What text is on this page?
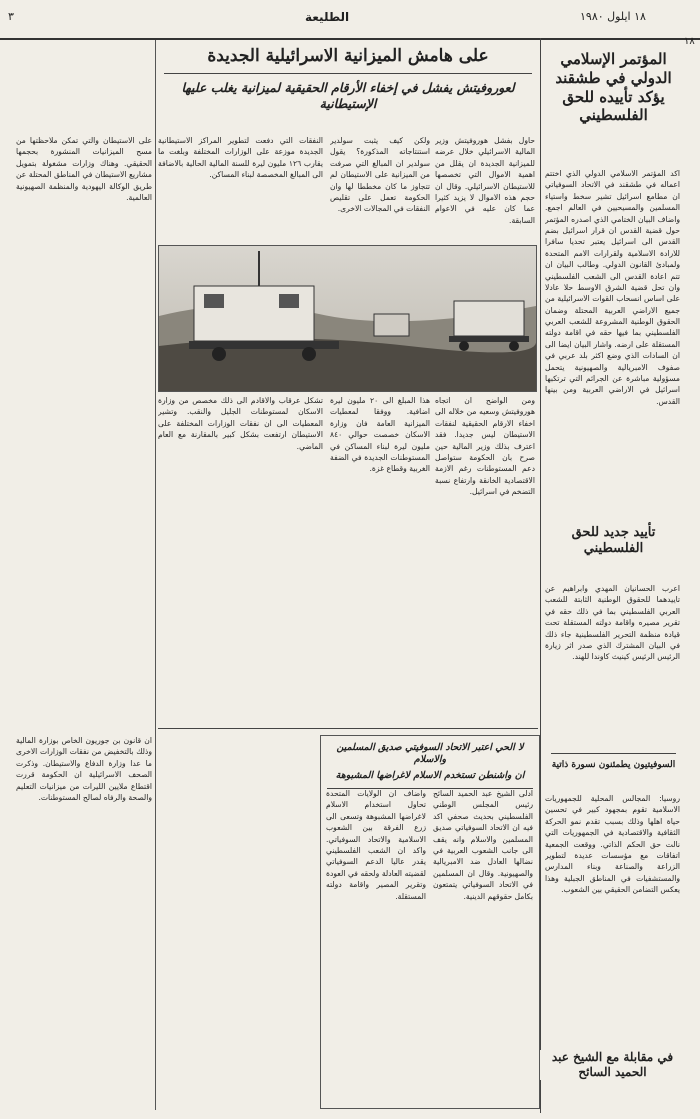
٣	الطليعة	١٨ ايلول ١٩٨٠
١٨
المؤتمر الإسلامي الدولي في طشقند يؤكد تأييده للحق الفلسطيني

اكد المؤتمر الاسلامي الدولي الذي اختتم اعماله في طشقند في الاتحاد السوفياتي ان مطامع اسرائيل تشير سخط واستياء المسلمين والمسيحيين في العالم اجمع. واضاف البيان الختامي الذي اصدره المؤتمر حول قضية القدس ان قرار اسرائيل بضم القدس الى اسرائيل يعتبر تحديا سافرا للارادة الاسلامية ولقرارات الامم المتحدة ولمبادئ القانون الدولي. وطالب البيان ان تتم اعادة القدس الى الشعب الفلسطيني وان تحل قضية الشرق الاوسط حلا عادلا على اساس انسحاب القوات الاسرائيلية من جميع الاراضي العربية المحتلة وضمان الحقوق الوطنية المشروعة للشعب العربي الفلسطيني بما فيها حقه في اقامة دولته المستقلة على ارضه. واشار البيان ايضا الى ان السادات الذي وضع اكثر بلد عربي في صفوف الامبريالية والصهيونية يتحمل مسؤولية مباشرة عن الجرائم التي ترتكبها اسرائيل في الاراضي العربية ومن بينها القدس.

تأييد جديد للحق الفلسطيني

اعرب الحسانيان المهدي وابراهيم عن تاييدهما للحقوق الوطنية الثابتة للشعب العربي الفلسطيني بما في ذلك حقه في تقرير مصيره واقامة دولته المستقلة تحت قيادة منظمة التحرير الفلسطينية جاء ذلك في البيان المشترك الذي صدر اثر زيارة الرئيس الرئيس كينيث كاوندا للهند.

السوفيتيون يطمئنون نسورة ذاتية

روسيا: المجالس المحلية للجمهوريات الاسلامية تقوم بمجهود كبير في تحسين حياة اهلها وذلك بسبب تقدم نمو الحركة الثقافية والاقتصادية في الجمهوريات التي نالت حق الحكم الذاتي. ووقعت الجمعية اتفاقات مع مؤسسات عديدة لتطوير الزراعة والصناعة وبناء المدارس والمستشفيات في المناطق الجبلية وهذا يعكس التضامن الحقيقي بين الشعوب.

على هامش الميزانية الاسرائيلية الجديدة
لعوروفيتش يفشل في إخفاء الأرقام الحقيقية لميزانية يغلب عليها الإستيطانية

حاول بفشل هوروفيتش وزير المالية الاسرائيلي خلال عرضه للميزانية الجديدة ان يقلل من اهمية الاموال التي تخصصها للاستيطان الاسرائيلي. وقال ان حجم هذه الاموال لا يزيد كثيرا عما كان عليه في الاعوام السابقة.

ولكن كيف يثبت سولدير استنتاجاته المذكورة؟ يقول سولدير ان المبالغ التي صرفت من الميزانية على الاستيطان لم تتجاوز ما كان مخططا لها وان الحكومة تعمل على تقليص النفقات في المجالات الاخرى.

النفقات التي دفعت لتطوير المراكز الاستيطانية الجديدة موزعة على الوزارات المختلفة وبلغت ما يقارب ١٢٦ مليون ليرة للسنة المالية الحالية بالاضافة الى المبالغ المخصصة لبناء المساكن.

على الاستيطان والتي تمكن ملاحظتها من مسح الميزانيات المنشورة بحجمها الحقيقي. وهناك وزارات مشغولة بتمويل مشاريع الاستيطان في المناطق المحتلة عن طريق الوكالة اليهودية والمنظمة الصهيونية العالمية.

ومن الواضح ان اتجاه هوروفيتش وسعيه من خلاله الى اخفاء الارقام الحقيقية لنفقات الاستيطان ليس جديدا. فقد اعترف بذلك وزير المالية حين صرح بان الحكومة ستواصل دعم المستوطنات رغم الازمة الاقتصادية الخانقة وارتفاع نسبة التضخم في اسرائيل.

هذا المبلغ الى ٢٠ مليون ليرة اضافية. ووفقا لمعطيات الميزانية العامة فان وزارة الاسكان خصصت حوالي ٨٤٠ مليون ليرة لبناء المساكن في المستوطنات الجديدة في الضفة الغربية وقطاع غزة.

تشكل عرقاب والاقادم الى ذلك مخصص من وزارة الاسكان لمستوطنات الجليل والنقب. وتشير المعطيات الى ان نفقات الوزارات المختلفة على الاستيطان ارتفعت بشكل كبير بالمقارنة مع العام الماضي.

ان قانون بن جوريون الخاص بوزارة المالية وذلك بالتخفيض من نفقات الوزارات الاخرى ما عدا وزارة الدفاع والاستيطان. وذكرت الصحف الاسرائيلية ان الحكومة قررت اقتطاع ملايين الليرات من ميزانيات التعليم والصحة والرفاه لصالح المستوطنات.

لا الحي اعتبر الاتحاد السوفيتي صديق المسلمين والاسلام
ان واشنطن تستخدم الاسلام لاغراضها المشبوهة

واضاف ان الولايات المتحدة تحاول استخدام الاسلام لاغراضها المشبوهة وتسعى الى زرع الفرقة بين الشعوب الاسلامية والاتحاد السوفياتي. واكد ان الشعب الفلسطيني يقدر عاليا الدعم السوفياتي لقضيته العادلة ولحقه في العودة وتقرير المصير واقامة دولته المستقلة.

ادلى الشيخ عبد الحميد السائح رئيس المجلس الوطني الفلسطيني بحديث صحفي اكد فيه ان الاتحاد السوفياتي صديق المسلمين والاسلام وانه يقف الى جانب الشعوب العربية في نضالها العادل ضد الامبريالية والصهيونية. وقال ان المسلمين في الاتحاد السوفياتي يتمتعون بكامل حقوقهم الدينية.

في مقابلة مع الشيخ عبد الحميد السائح
